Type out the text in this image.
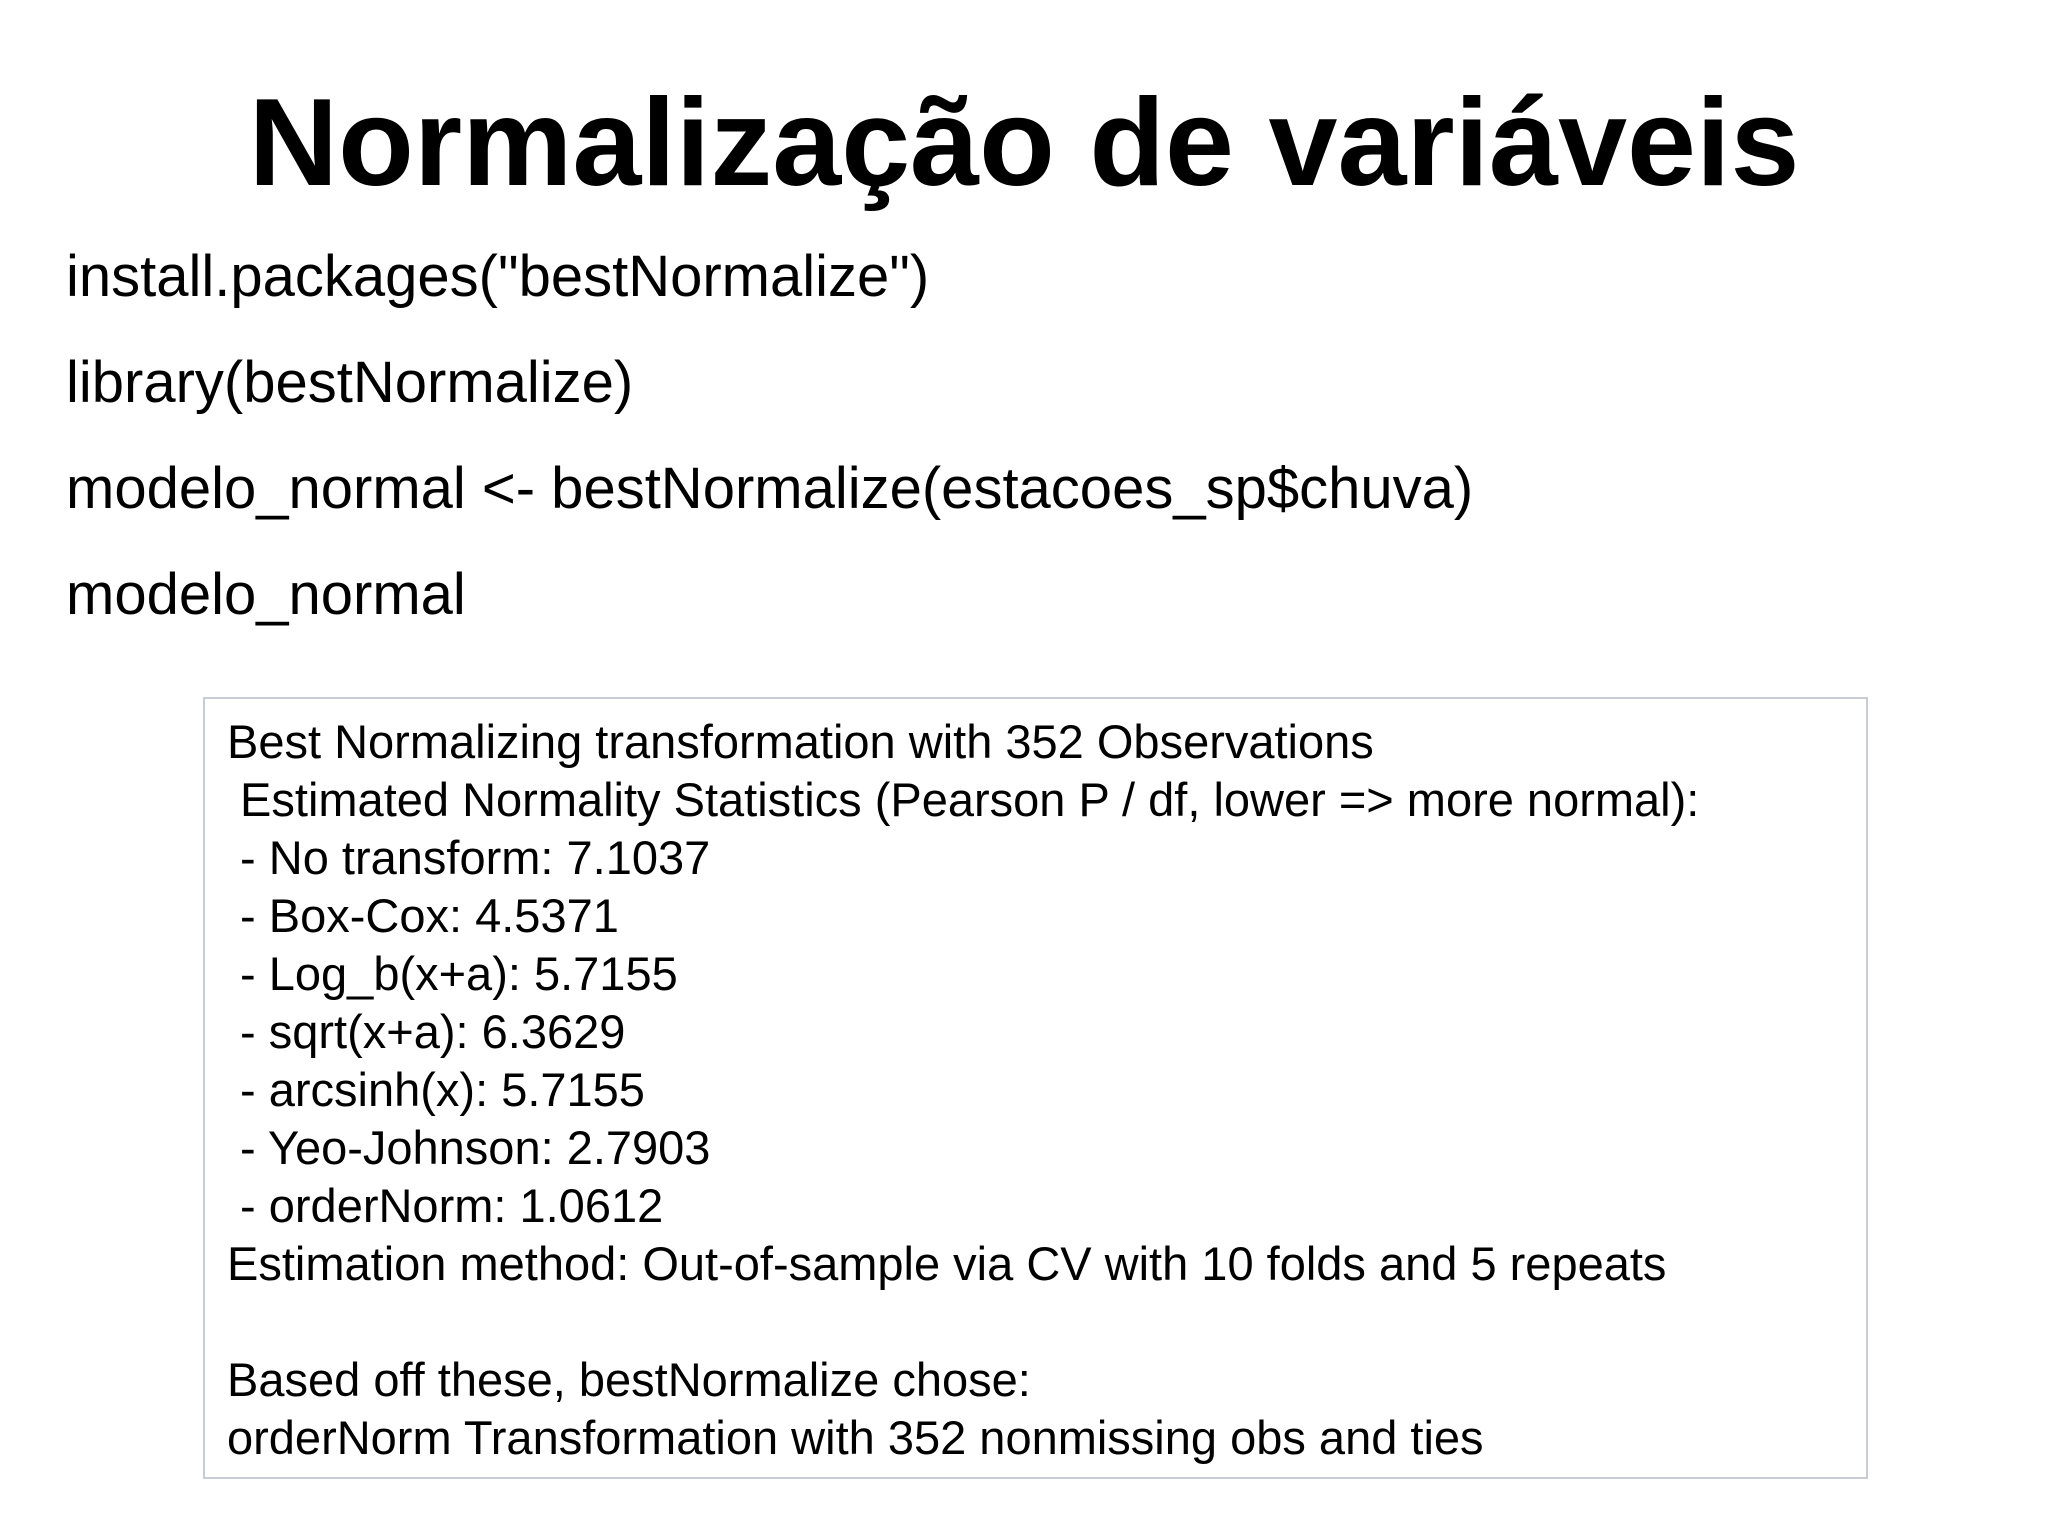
Normalização de variáveis
install.packages("bestNormalize")
library(bestNormalize)
modelo_normal <- bestNormalize(estacoes_sp$chuva)
modelo_normal
Best Normalizing transformation with 352 Observations
Estimated Normality Statistics (Pearson P / df, lower => more normal):
- No transform: 7.1037
- Box-Cox: 4.5371
- Log_b(x+a): 5.7155
- sqrt(x+a): 6.3629
- arcsinh(x): 5.7155
- Yeo-Johnson: 2.7903
- orderNorm: 1.0612
Estimation method: Out-of-sample via CV with 10 folds and 5 repeats
Based off these, bestNormalize chose:
orderNorm Transformation with 352 nonmissing obs and ties
